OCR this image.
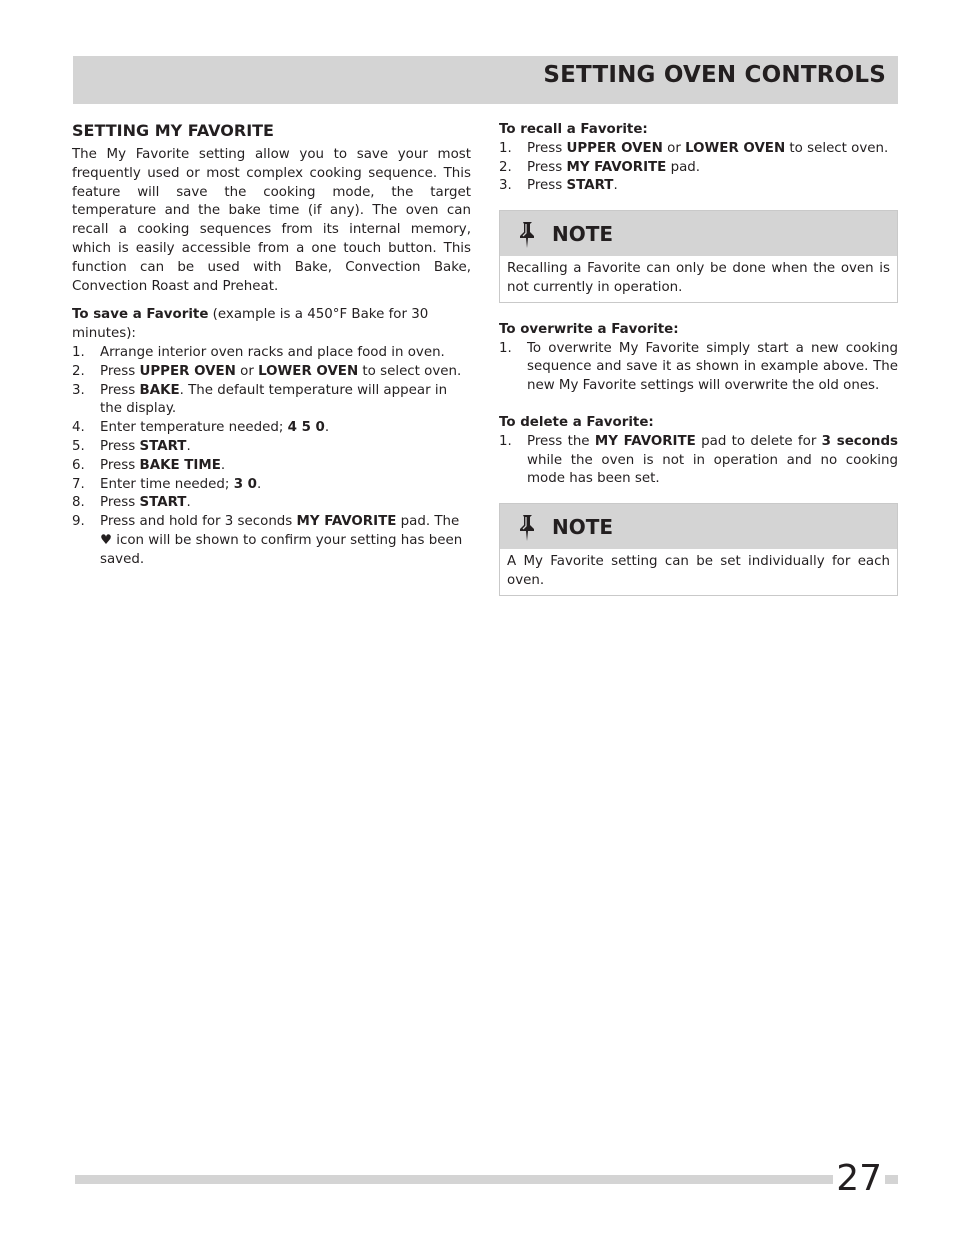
SETTING OVEN CONTROLS
SETTING MY FAVORITE

The My Favorite setting allow you to save your most frequently used or most complex cooking sequence. This feature will save the cooking mode, the target temperature and the bake time (if any). The oven can recall a cooking sequences from its internal memory, which is easily accessible from a one touch button. This function can be used with Bake, Convection Bake, Convection Roast and Preheat.

To save a Favorite (example is a 450°F Bake for 30 minutes):
1. Arrange interior oven racks and place food in oven.
2. Press UPPER OVEN or LOWER OVEN to select oven.
3. Press BAKE. The default temperature will appear in the display.
4. Enter temperature needed; 4 5 0.
5. Press START.
6. Press BAKE TIME.
7. Enter time needed; 3 0.
8. Press START.
9. Press and hold for 3 seconds MY FAVORITE pad. The ♥ icon will be shown to confirm your setting has been saved.
To recall a Favorite:
1. Press UPPER OVEN or LOWER OVEN to select oven.
2. Press MY FAVORITE pad.
3. Press START.
NOTE
Recalling a Favorite can only be done when the oven is not currently in operation.
To overwrite a Favorite:
1. To overwrite My Favorite simply start a new cooking sequence and save it as shown in example above. The new My Favorite settings will overwrite the old ones.
To delete a Favorite:
1. Press the MY FAVORITE pad to delete for 3 seconds while the oven is not in operation and no cooking mode has been set.
NOTE
A My Favorite setting can be set individually for each oven.
27
